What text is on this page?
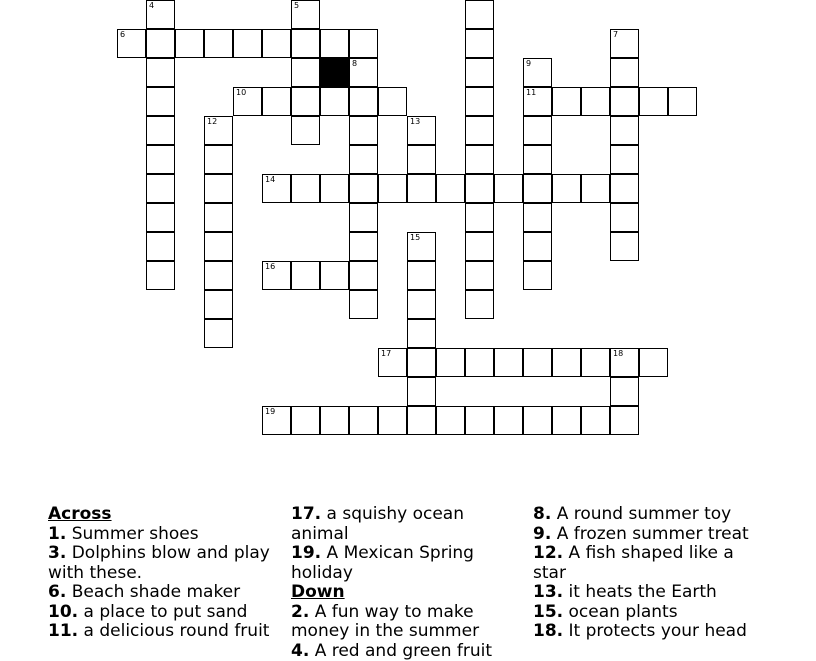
6
8
10	11
14
16
17	18
19
4	5
13
12
9
7
15
Across
1. Summer shoes
3. Dolphins blow and play with these.
6. Beach shade maker
10. a place to put sand
11. a delicious round fruit
17. a squishy ocean animal
19. A Mexican Spring holiday
Down
2. A fun way to make money in the summer
4. A red and green fruit
8. A round summer toy
9. A frozen summer treat
12. A fish shaped like a star
13. it heats the Earth
15. ocean plants
18. It protects your head
